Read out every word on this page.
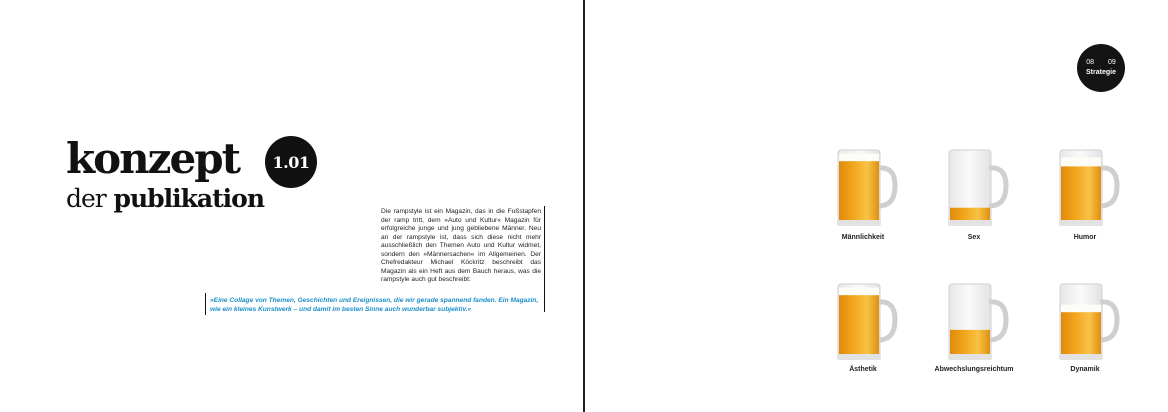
konzept
der publikation
1.01
Die rampstyle ist ein Magazin, das in die Fußstapfen der ramp tritt, dem »Auto und Kultur« Magazin für erfolgreiche junge und jung gebliebene Männer. Neu an der rampstyle ist, dass sich diese nicht mehr ausschließlich den Themen Auto und Kultur widmet, sondern den »Männersachen« im Allgemeinen. Der Chefredakteur Michael Köckritz beschreibt das Magazin als ein Heft aus dem Bauch heraus, was die rampstyle auch gut beschreibt:
»Eine Collage von Themen, Geschichten und Ereignissen, die wir gerade spannend fanden. Ein Magazin, wie ein kleines Kunstwerk – und damit im besten Sinne auch wunderbar subjektiv.«
08 09
Strategie
Männlichkeit	Sex	Humor
Ästhetik	Abwechslungsreichtum	Dynamik
